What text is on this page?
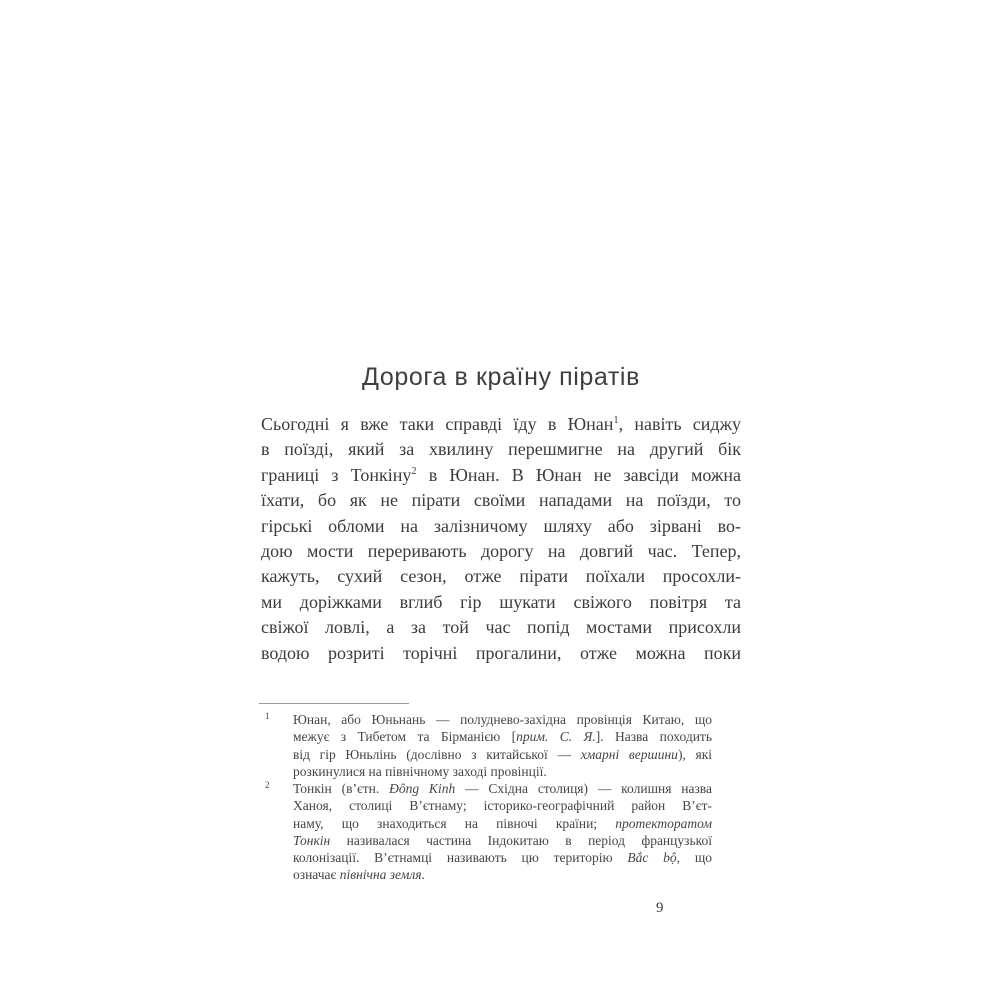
Дорога в країну піратів
Сьогодні я вже таки справді їду в Юнан$^1$, навіть сиджу
в поїзді, який за хвилину перешмигне на другий бік
границі з Тонкіну$^2$ в Юнан. В Юнан не завсіди можна
їхати, бо як не пірати своїми нападами на поїзди, то
гірські обломи на залізничому шляху або зірвані во-
дою мости переривають дорогу на довгий час. Тепер,
кажуть, сухий сезон, отже пірати поїхали просохли-
ми доріжками вглиб гір шукати свіжого повітря та
свіжої ловлі, а за той час попід мостами присохли
водою розриті торічні прогалини, отже можна поки
1 Юнан, або Юньнань — полуднево-західна провінція Китаю, що
межує з Тибетом та Бірманією [прим. С. Я.]. Назва походить
від гір Юньлінь (дослівно з китайської — хмарні вершини), які
розкинулися на північному заході провінції.
2 Тонкін (в’єтн. Đông Kinh — Східна столиця) — колишня назва
Ханоя, столиці В’єтнаму; історико-географічний район В’єт-
наму, що знаходиться на півночі країни; протекторатом
Тонкін називалася частина Індокитаю в період французької
колонізації. В’єтнамці називають цю територію Bắc bộ, що
означає північна земля.
9
